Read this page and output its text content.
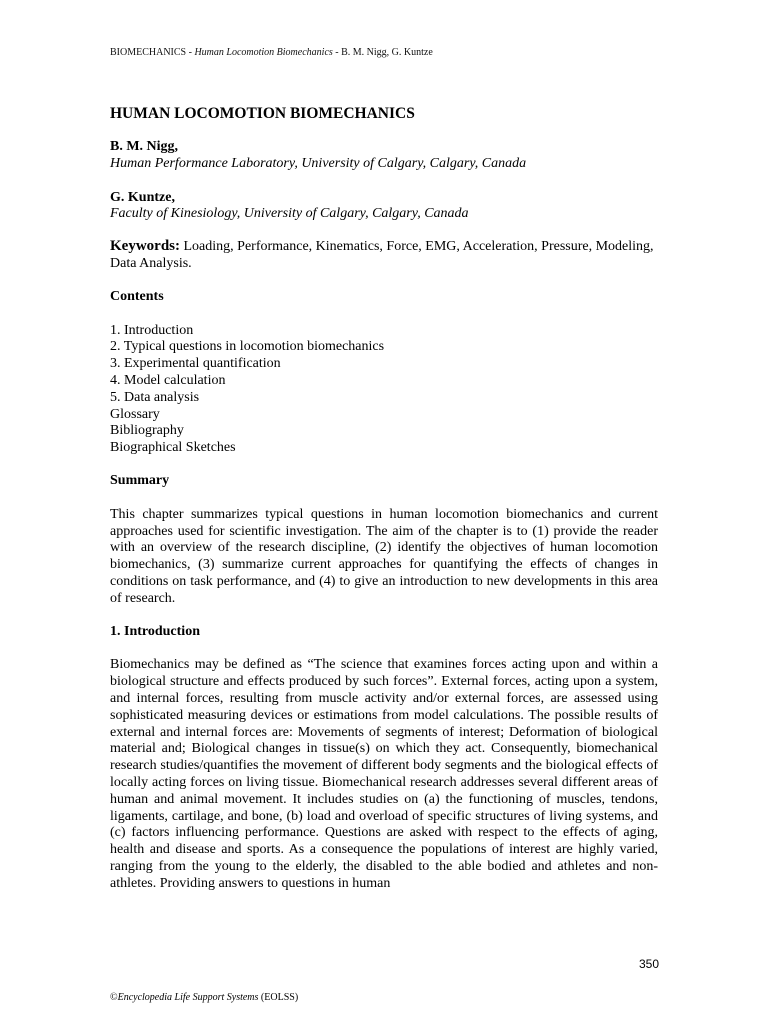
BIOMECHANICS - Human Locomotion Biomechanics - B. M. Nigg, G. Kuntze
HUMAN LOCOMOTION BIOMECHANICS
B. M. Nigg,
Human Performance Laboratory, University of Calgary, Calgary, Canada
G. Kuntze,
Faculty of Kinesiology, University of Calgary, Calgary, Canada
Keywords: Loading, Performance, Kinematics, Force, EMG, Acceleration, Pressure, Modeling, Data Analysis.
Contents
1. Introduction
2. Typical questions in locomotion biomechanics
3. Experimental quantification
4. Model calculation
5. Data analysis
Glossary
Bibliography
Biographical Sketches
Summary

This chapter summarizes typical questions in human locomotion biomechanics and current approaches used for scientific investigation. The aim of the chapter is to (1) provide the reader with an overview of the research discipline, (2) identify the objectives of human locomotion biomechanics, (3) summarize current approaches for quantifying the effects of changes in conditions on task performance, and (4) to give an introduction to new developments in this area of research.

1. Introduction

Biomechanics may be defined as “The science that examines forces acting upon and within a biological structure and effects produced by such forces”. External forces, acting upon a system, and internal forces, resulting from muscle activity and/or external forces, are assessed using sophisticated measuring devices or estimations from model calculations. The possible results of external and internal forces are: Movements of segments of interest; Deformation of biological material and; Biological changes in tissue(s) on which they act. Consequently, biomechanical research studies/quantifies the movement of different body segments and the biological effects of locally acting forces on living tissue. Biomechanical research addresses several different areas of human and animal movement. It includes studies on (a) the functioning of muscles, tendons, ligaments, cartilage, and bone, (b) load and overload of specific structures of living systems, and (c) factors influencing performance. Questions are asked with respect to the effects of aging, health and disease and sports. As a consequence the populations of interest are highly varied, ranging from the young to the elderly, the disabled to the able bodied and athletes and non-athletes. Providing answers to questions in human

350
©Encyclopedia Life Support Systems (EOLSS)
